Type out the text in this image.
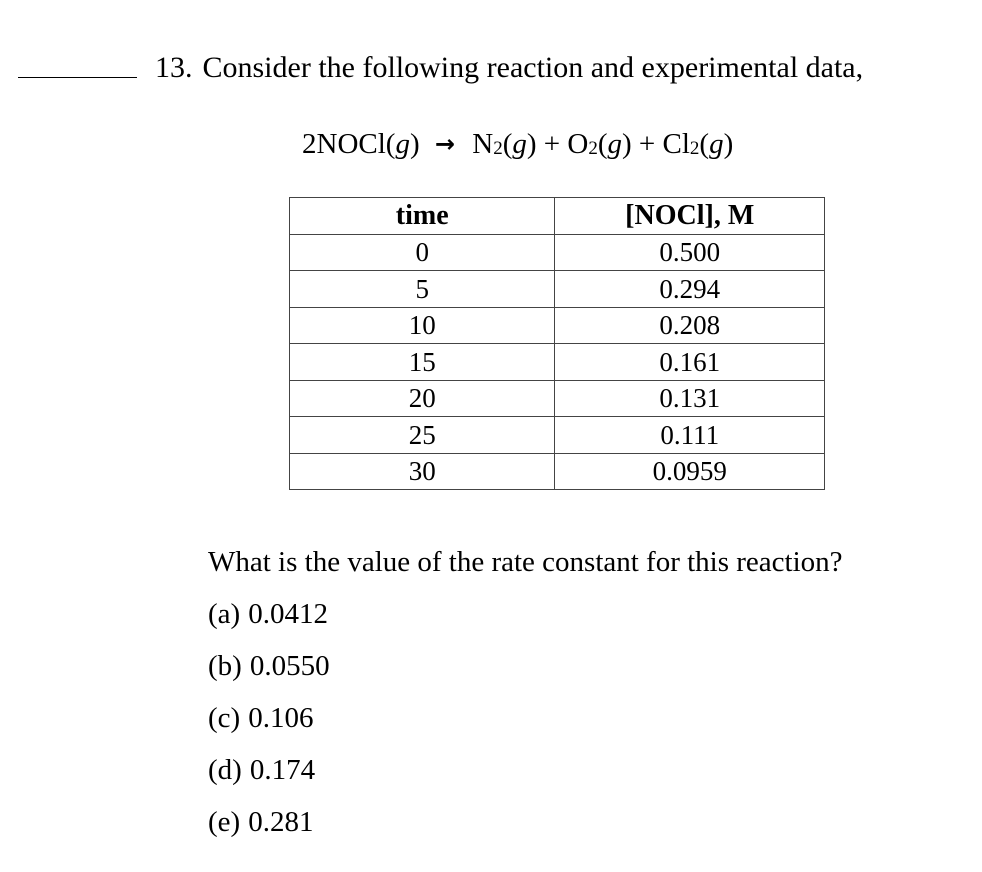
13. Consider the following reaction and experimental data,
2NOCl(g) → N2(g) + O2(g) + Cl2(g)
time	[NOCl], M
0	0.500
5	0.294
10	0.208
15	0.161
20	0.131
25	0.111
30	0.0959
What is the value of the rate constant for this reaction?
(a) 0.0412
(b) 0.0550
(c) 0.106
(d) 0.174
(e) 0.281
